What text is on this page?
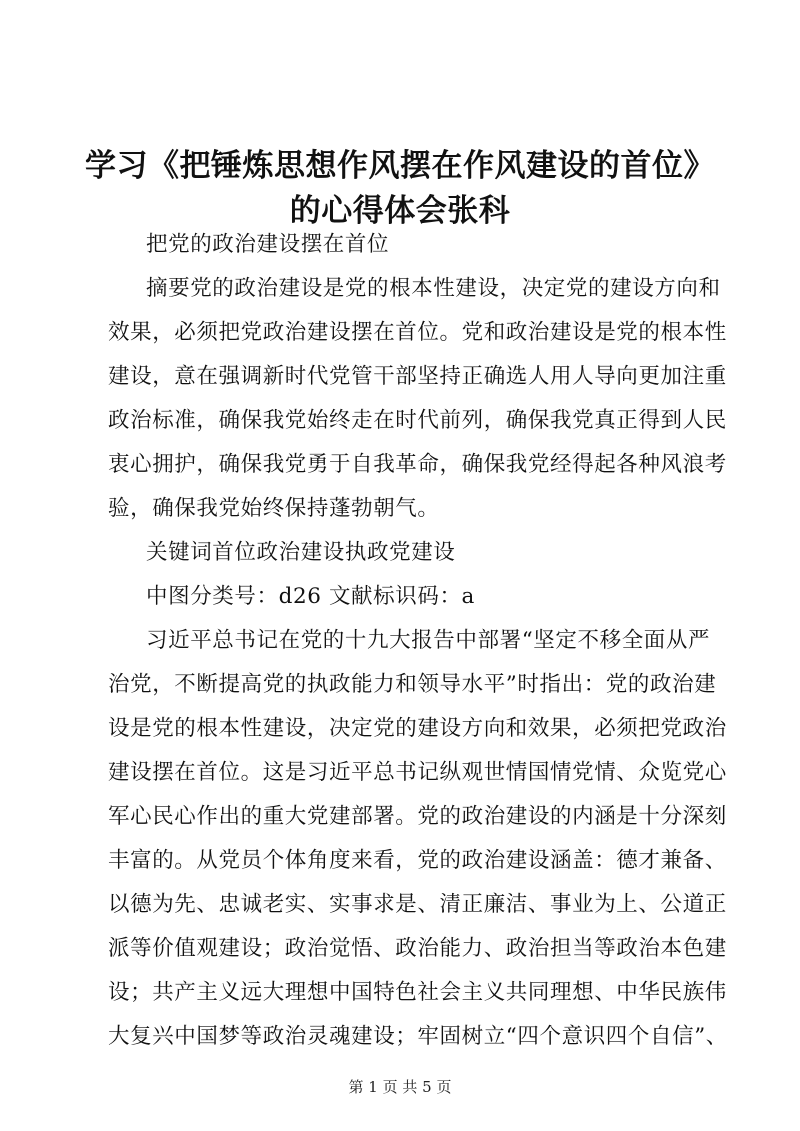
学习《把锤炼思想作风摆在作风建设的首位》
的心得体会张科
把党的政治建设摆在首位
摘要党的政治建设是党的根本性建设，决定党的建设方向和
效果，必须把党政治建设摆在首位。党和政治建设是党的根本性
建设，意在强调新时代党管干部坚持正确选人用人导向更加注重
政治标准，确保我党始终走在时代前列，确保我党真正得到人民
衷心拥护，确保我党勇于自我革命，确保我党经得起各种风浪考
验，确保我党始终保持蓬勃朝气。
关键词首位政治建设执政党建设
中图分类号：d26 文献标识码：a
习近平总书记在党的十九大报告中部署“坚定不移全面从严
治党，不断提高党的执政能力和领导水平”时指出：党的政治建
设是党的根本性建设，决定党的建设方向和效果，必须把党政治
建设摆在首位。这是习近平总书记纵观世情国情党情、众览党心
军心民心作出的重大党建部署。党的政治建设的内涵是十分深刻
丰富的。从党员个体角度来看，党的政治建设涵盖：德才兼备、
以德为先、忠诚老实、实事求是、清正廉洁、事业为上、公道正
派等价值观建设；政治觉悟、政治能力、政治担当等政治本色建
设；共产主义远大理想中国特色社会主义共同理想、中华民族伟
大复兴中国梦等政治灵魂建设；牢固树立“四个意识四个自信”、
第 1 页 共 5 页
